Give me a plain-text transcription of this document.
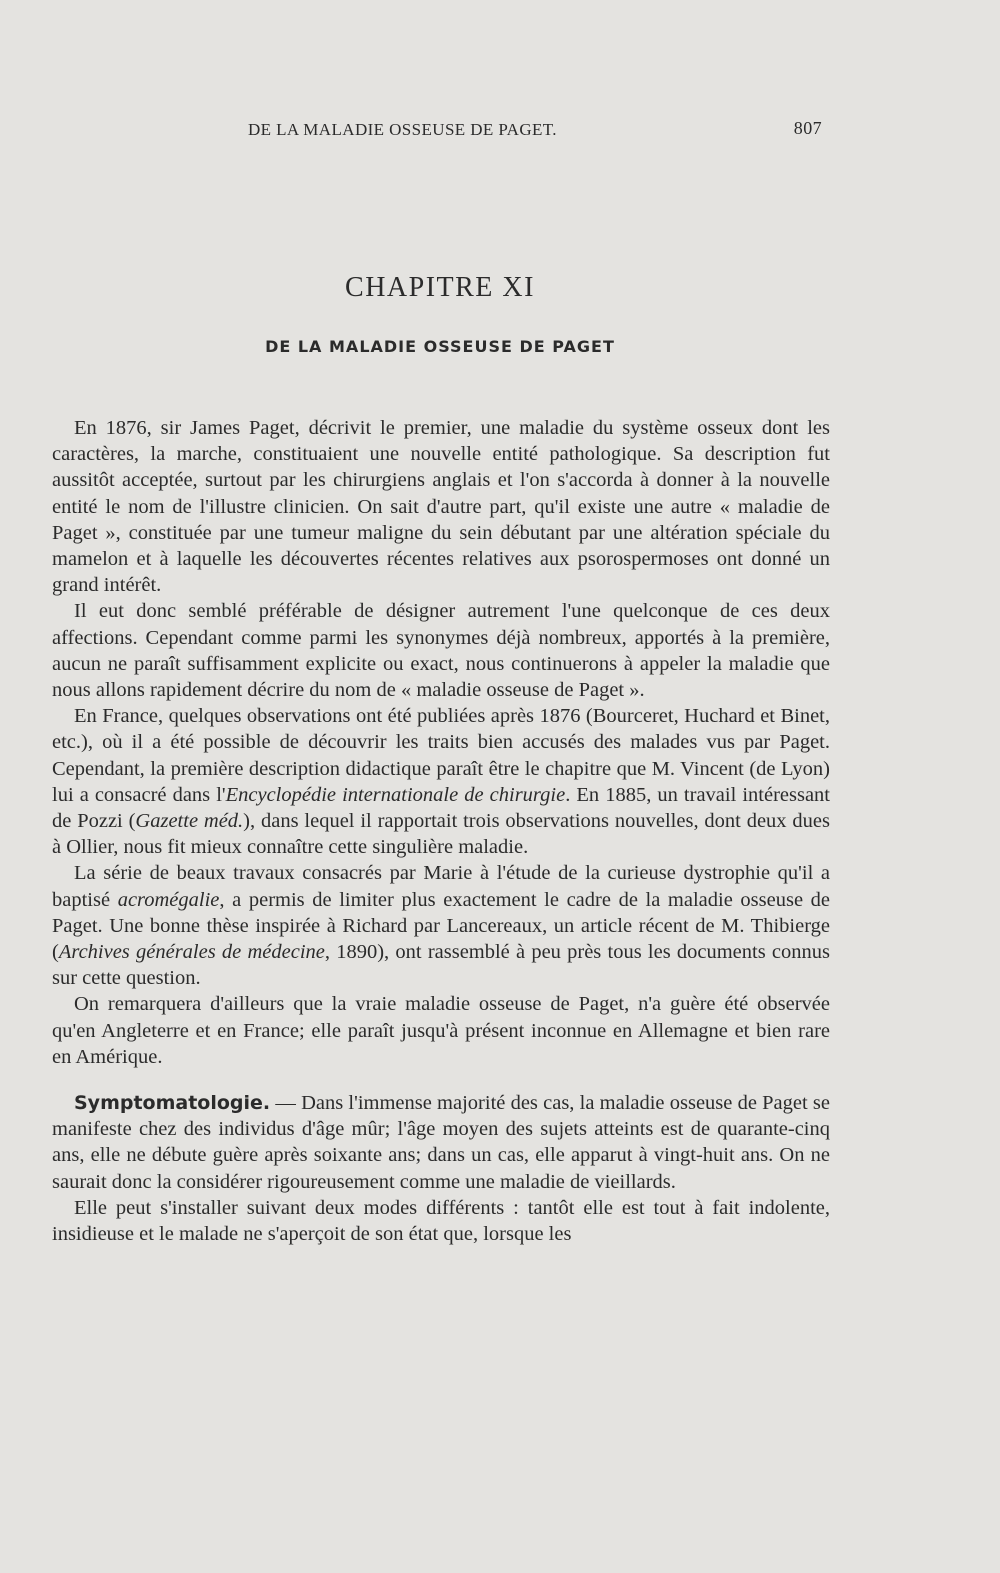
DE LA MALADIE OSSEUSE DE PAGET.	807
CHAPITRE XI
DE LA MALADIE OSSEUSE DE PAGET

En 1876, sir James Paget, décrivit le premier, une maladie du système osseux dont les caractères, la marche, constituaient une nouvelle entité pathologique. Sa description fut aussitôt acceptée, surtout par les chirurgiens anglais et l'on s'accorda à donner à la nouvelle entité le nom de l'illustre clinicien. On sait d'autre part, qu'il existe une autre « maladie de Paget », constituée par une tumeur maligne du sein débutant par une altération spéciale du mamelon et à laquelle les découvertes récentes relatives aux psorospermoses ont donné un grand intérêt.

Il eut donc semblé préférable de désigner autrement l'une quelconque de ces deux affections. Cependant comme parmi les synonymes déjà nombreux, apportés à la première, aucun ne paraît suffisamment explicite ou exact, nous continuerons à appeler la maladie que nous allons rapidement décrire du nom de « maladie osseuse de Paget ».

En France, quelques observations ont été publiées après 1876 (Bourceret, Huchard et Binet, etc.), où il a été possible de découvrir les traits bien accusés des malades vus par Paget. Cependant, la première description didactique paraît être le chapitre que M. Vincent (de Lyon) lui a consacré dans l'Encyclopédie internationale de chirurgie. En 1885, un travail intéressant de Pozzi (Gazette méd.), dans lequel il rapportait trois observations nouvelles, dont deux dues à Ollier, nous fit mieux connaître cette singulière maladie.

La série de beaux travaux consacrés par Marie à l'étude de la curieuse dystrophie qu'il a baptisé acromégalie, a permis de limiter plus exactement le cadre de la maladie osseuse de Paget. Une bonne thèse inspirée à Richard par Lancereaux, un article récent de M. Thibierge (Archives générales de médecine, 1890), ont rassemblé à peu près tous les documents connus sur cette question.

On remarquera d'ailleurs que la vraie maladie osseuse de Paget, n'a guère été observée qu'en Angleterre et en France; elle paraît jusqu'à présent inconnue en Allemagne et bien rare en Amérique.

Symptomatologie. — Dans l'immense majorité des cas, la maladie osseuse de Paget se manifeste chez des individus d'âge mûr; l'âge moyen des sujets atteints est de quarante-cinq ans, elle ne débute guère après soixante ans; dans un cas, elle apparut à vingt-huit ans. On ne saurait donc la considérer rigoureusement comme une maladie de vieillards.

Elle peut s'installer suivant deux modes différents : tantôt elle est tout à fait indolente, insidieuse et le malade ne s'aperçoit de son état que, lorsque les
